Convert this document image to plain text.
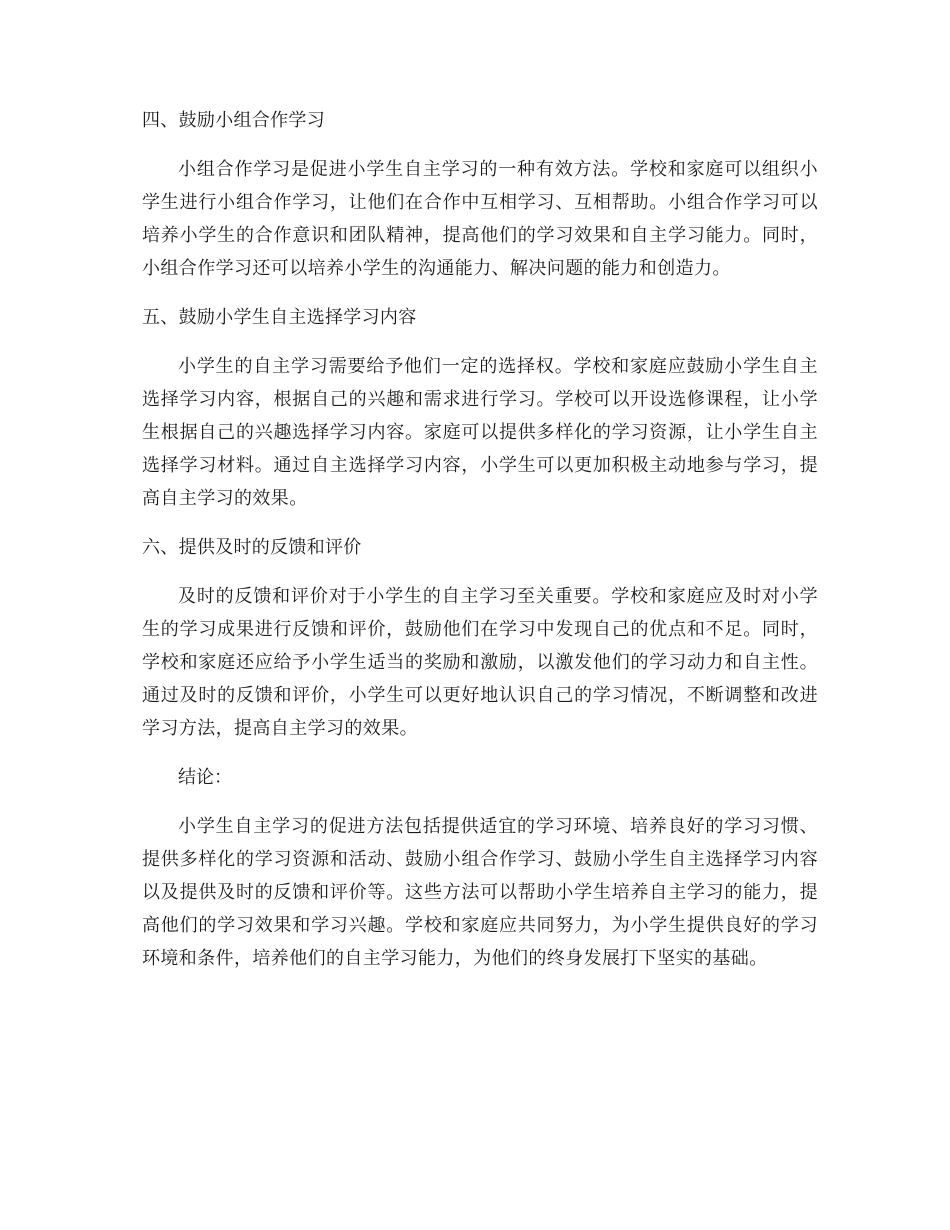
四、鼓励小组合作学习

小组合作学习是促进小学生自主学习的一种有效方法。学校和家庭可以组织小学生进行小组合作学习，让他们在合作中互相学习、互相帮助。小组合作学习可以培养小学生的合作意识和团队精神，提高他们的学习效果和自主学习能力。同时，小组合作学习还可以培养小学生的沟通能力、解决问题的能力和创造力。

五、鼓励小学生自主选择学习内容

小学生的自主学习需要给予他们一定的选择权。学校和家庭应鼓励小学生自主选择学习内容，根据自己的兴趣和需求进行学习。学校可以开设选修课程，让小学生根据自己的兴趣选择学习内容。家庭可以提供多样化的学习资源，让小学生自主选择学习材料。通过自主选择学习内容，小学生可以更加积极主动地参与学习，提高自主学习的效果。

六、提供及时的反馈和评价

及时的反馈和评价对于小学生的自主学习至关重要。学校和家庭应及时对小学生的学习成果进行反馈和评价，鼓励他们在学习中发现自己的优点和不足。同时，学校和家庭还应给予小学生适当的奖励和激励，以激发他们的学习动力和自主性。通过及时的反馈和评价，小学生可以更好地认识自己的学习情况，不断调整和改进学习方法，提高自主学习的效果。

结论：

小学生自主学习的促进方法包括提供适宜的学习环境、培养良好的学习习惯、提供多样化的学习资源和活动、鼓励小组合作学习、鼓励小学生自主选择学习内容以及提供及时的反馈和评价等。这些方法可以帮助小学生培养自主学习的能力，提高他们的学习效果和学习兴趣。学校和家庭应共同努力，为小学生提供良好的学习环境和条件，培养他们的自主学习能力，为他们的终身发展打下坚实的基础。
